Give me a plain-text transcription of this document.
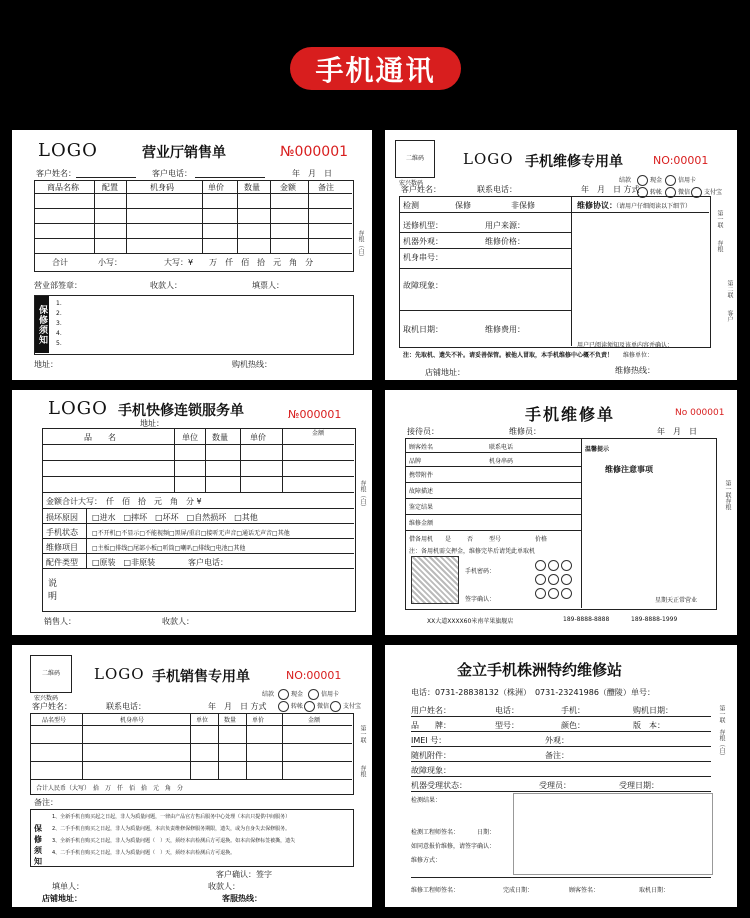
手机通讯
LOGO	营业厅销售单	№000001
客户姓名：	客户电话：	年　月　日
商品名称	配置	机身码	单价	数量	金额	备注
合计	小写：	大写：¥　　万　仟　佰　拾　元　角　分
营业部签章：	收款人：	填票人：
保修须知
1.
2.
3.
4.
5.
地址：	购机热线：
存根（白）
二维码
宏兴数码
LOGO 手机维修专用单	NO:00001
结款	现金	信用卡
转帐	微信	支付宝
客户姓名：	联系电话：	年　月　日 方式
检测	保修	非保修
送修机型：	用户来源：
机器外观：	维修价格：
机身串号：
故障现象：
取机日期：	维修费用：
维修协议：
（请用户仔细阅读以下细节）
注：先取机、遗失不补。请妥善保管。被他人冒取，本手机维修中心概不负责！
用户已阅读须知及该单内容并确认：
店铺地址：	维修热线：
维修单位：
第一联
存根
第二联
客户
LOGO 手机快修连锁服务单	№000001
地址：
品　　名	单位 数量	单价	金额
金额合计大写：　仟　佰　拾　元　角　分 ¥
损坏原因 □进水　□摔坏　□坏坏　□自然损坏　□其他
手机状态 □不开机□不显示□不能视频□黑屏/重启□接听无声音□通话无声音□其他
维修项目 □主板□排线□尾部小板□听筒□喇叭□排线□电池□其他
配件类型 □原装　□非原装	客户电话：
说明
销售人：	收款人：
存根（白）
手机维修单	No 000001
接待员：	维修员：	年　月　日
顾客姓名	联系电话
品牌	机身串码
携带附件
故障描述
鉴定结果
维修金额
借备用机 是	否	型号	价格
注：备用机需交押金，维修完毕后请凭此单取机
手机密码：
签字确认：
温馨提示
维修注意事项
星期天正常营业
XX大道XXXX60米南苹果旗舰店	189-8888-8888	189-8888-1999
第一联存根
二维码
宏兴数码
LOGO 手机销售专用单	NO:00001
结款	现金	信用卡
转帐	微信	支付宝
客户姓名：	联系电话：	年　月　日 方式
品名型号	机身串号	单位	数量	单价	金额
合计人民币（大写）　拾　万　仟　佰　拾　元　角　分
备注：
保修须知
1、全新手机自购买起之日起，非人为质量问题，一律由产品官方售后服务中心处理（本店只提供中间服务）
2、二手手机自购买之日起，非人为质量问题，本店负责维修保修服务期限，遗失，或为自身失去保修服务。
3、全新手机自购买之日起，非人为质量问题（　）天，须经本店检测后方可退换。如本店保修标签被撕，遗失
4、二手手机自购买之日起，非人为质量问题（　）天，须经本店检测后方可退换。
客户确认：签字
填单人：	收款人：
店铺地址：	客服热线：
第一联
存根
金立手机株洲特约维修站
电话：0731-28838132（株洲）　0731-23241986（醴陵） 单号：
用户姓名：	电话：	手机：	购机日期：
品　　牌：	型号：	颜色：	版　本：
IMEI 号：	外观：
随机附件：	备注：
故障现象：
机器受理状态：	受理员：	受理日期：
检测结果：
检测工程师签名：	日期：
如同意报价维修，请签字确认：
维修方式：
维修工程师签名：	完成日期：	顾客签名：	取机日期：
第一联　存根（白）
